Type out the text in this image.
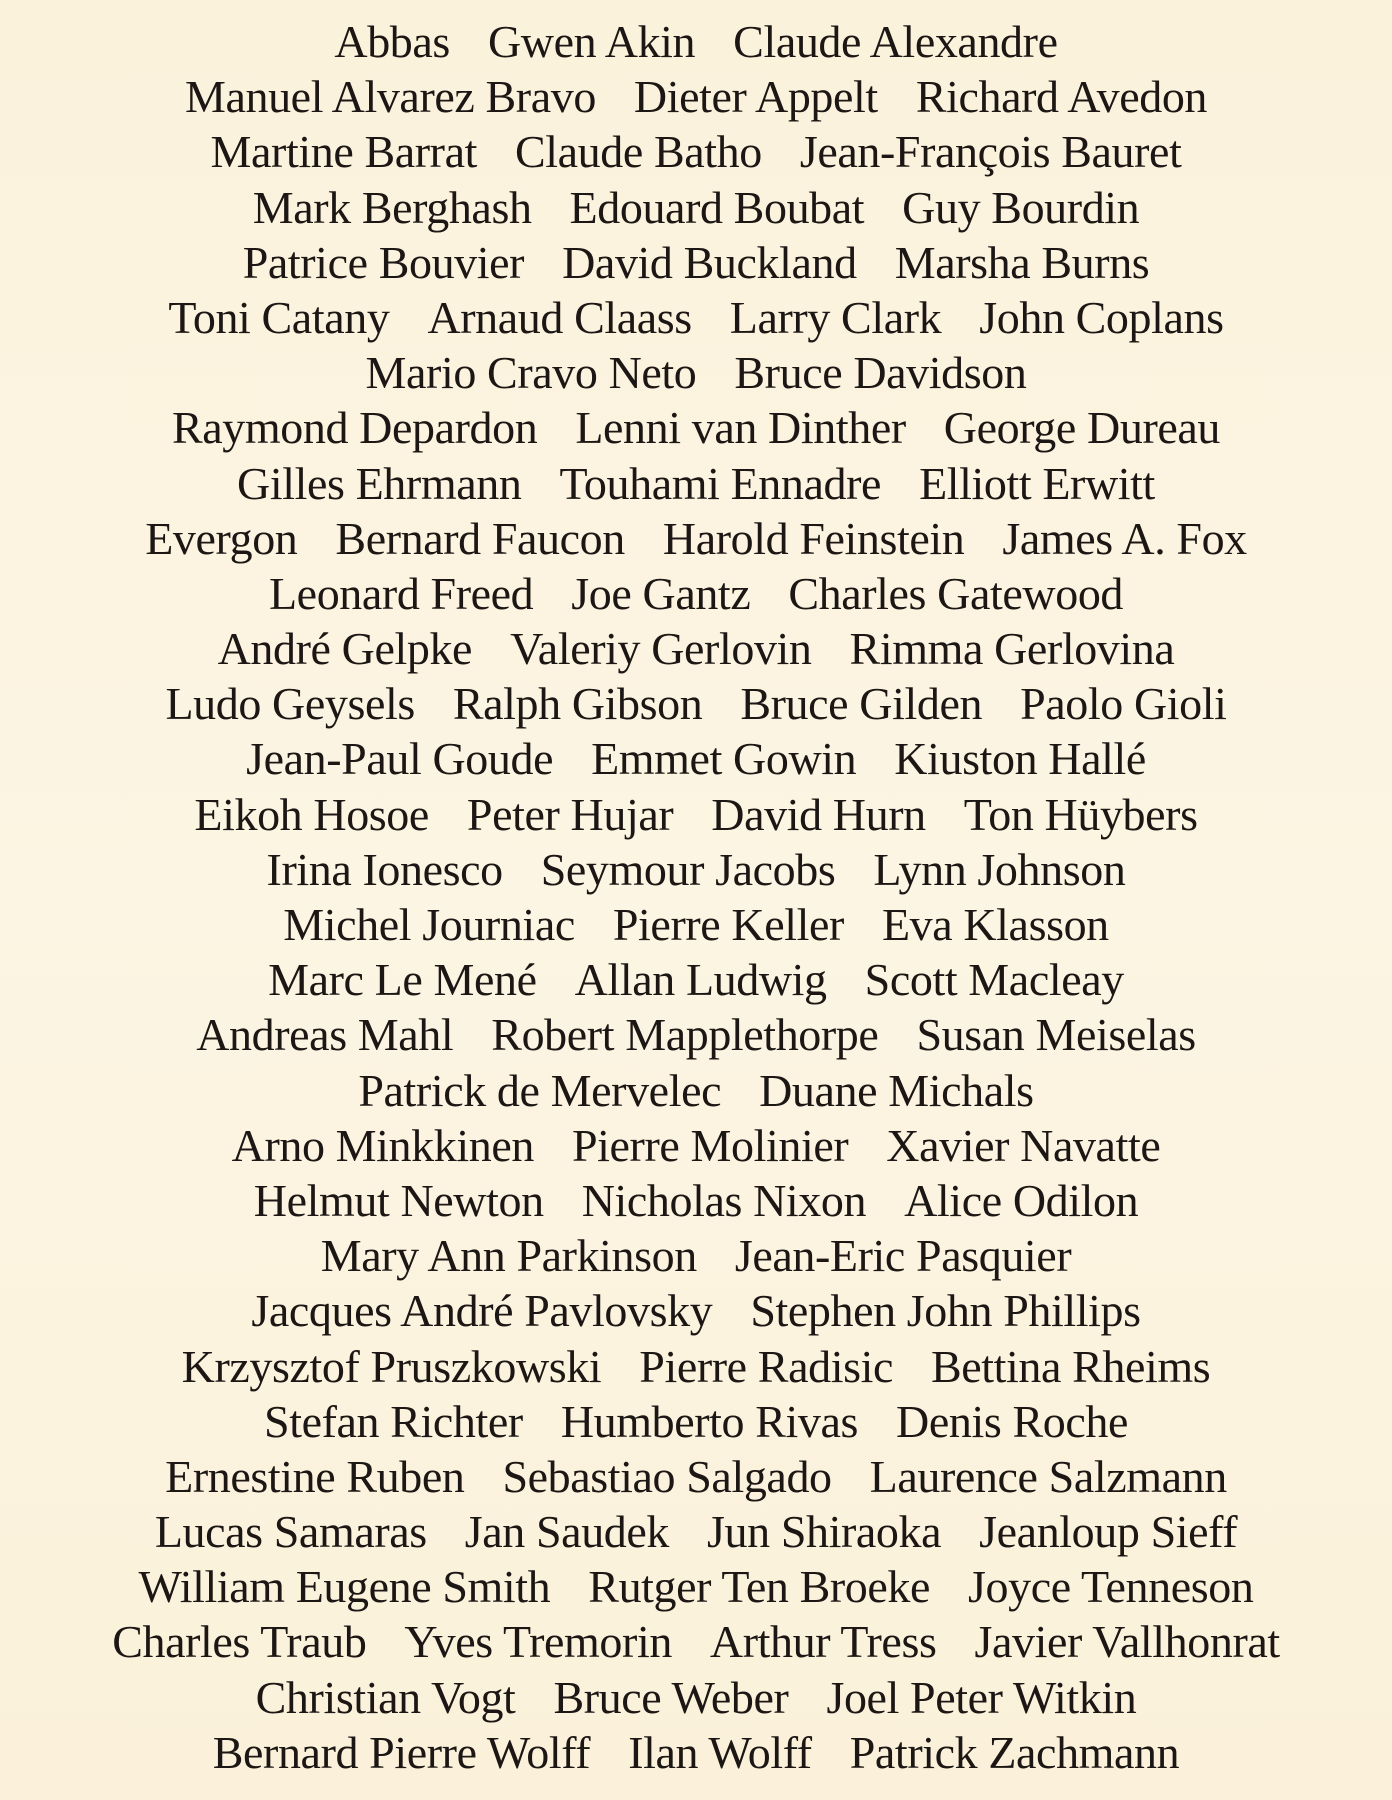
Abbas Gwen Akin Claude Alexandre
Manuel Alvarez Bravo Dieter Appelt Richard Avedon
Martine Barrat Claude Batho Jean-François Bauret
Mark Berghash Edouard Boubat Guy Bourdin
Patrice Bouvier David Buckland Marsha Burns
Toni Catany Arnaud Claass Larry Clark John Coplans
Mario Cravo Neto Bruce Davidson
Raymond Depardon Lenni van Dinther George Dureau
Gilles Ehrmann Touhami Ennadre Elliott Erwitt
Evergon Bernard Faucon Harold Feinstein James A. Fox
Leonard Freed Joe Gantz Charles Gatewood
André Gelpke Valeriy Gerlovin Rimma Gerlovina
Ludo Geysels Ralph Gibson Bruce Gilden Paolo Gioli
Jean-Paul Goude Emmet Gowin Kiuston Hallé
Eikoh Hosoe Peter Hujar David Hurn Ton Hüybers
Irina Ionesco Seymour Jacobs Lynn Johnson
Michel Journiac Pierre Keller Eva Klasson
Marc Le Mené Allan Ludwig Scott Macleay
Andreas Mahl Robert Mapplethorpe Susan Meiselas
Patrick de Mervelec Duane Michals
Arno Minkkinen Pierre Molinier Xavier Navatte
Helmut Newton Nicholas Nixon Alice Odilon
Mary Ann Parkinson Jean-Eric Pasquier
Jacques André Pavlovsky Stephen John Phillips
Krzysztof Pruszkowski Pierre Radisic Bettina Rheims
Stefan Richter Humberto Rivas Denis Roche
Ernestine Ruben Sebastiao Salgado Laurence Salzmann
Lucas Samaras Jan Saudek Jun Shiraoka Jeanloup Sieff
William Eugene Smith Rutger Ten Broeke Joyce Tenneson
Charles Traub Yves Tremorin Arthur Tress Javier Vallhonrat
Christian Vogt Bruce Weber Joel Peter Witkin
Bernard Pierre Wolff Ilan Wolff Patrick Zachmann
